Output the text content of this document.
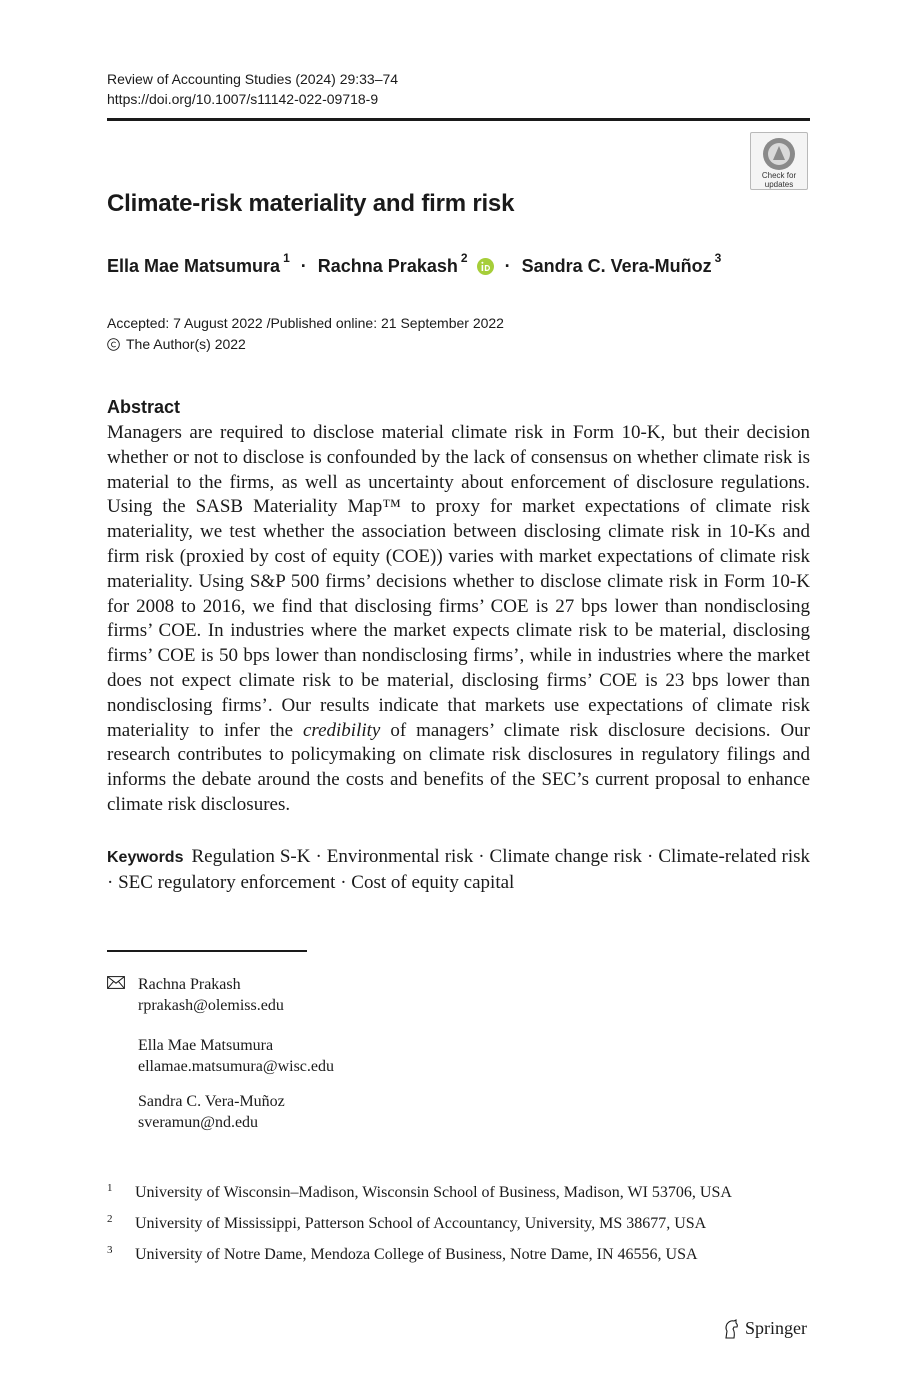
Review of Accounting Studies (2024) 29:33–74
https://doi.org/10.1007/s11142-022-09718-9
Check for
updates
Climate-risk materiality and firm risk
Ella Mae Matsumura $^1$ · Rachna Prakash $^2$ · Sandra C. Vera-Muñoz $^3$
Accepted: 7 August 2022 /Published online: 21 September 2022
The Author(s) 2022
Abstract

Managers are required to disclose material climate risk in Form 10-K, but their decision whether or not to disclose is confounded by the lack of consensus on whether climate risk is material to the firms, as well as uncertainty about enforcement of disclosure regulations. Using the SASB Materiality Map™ to proxy for market expectations of climate risk materiality, we test whether the association between disclosing climate risk in 10-Ks and firm risk (proxied by cost of equity (COE)) varies with market expectations of climate risk materiality. Using S&P 500 firms’ decisions whether to disclose climate risk in Form 10-K for 2008 to 2016, we find that disclosing firms’ COE is 27 bps lower than nondisclosing firms’ COE. In industries where the market expects climate risk to be material, disclosing firms’ COE is 50 bps lower than nondisclosing firms’, while in industries where the market does not expect climate risk to be material, disclosing firms’ COE is 23 bps lower than nondisclosing firms’. Our results indicate that markets use expectations of climate risk materiality to infer the credibility of managers’ climate risk disclosure decisions. Our research contributes to policymaking on climate risk disclosures in regulatory filings and informs the debate around the costs and benefits of the SEC’s current proposal to enhance climate risk disclosures.

Keywords Regulation S-K · Environmental risk · Climate change risk · Climate-related risk · SEC regulatory enforcement · Cost of equity capital
Rachna Prakash
rprakash@olemiss.edu
Ella Mae Matsumura
ellamae.matsumura@wisc.edu
Sandra C. Vera-Muñoz
sveramun@nd.edu
1 University of Wisconsin–Madison, Wisconsin School of Business, Madison, WI 53706, USA
2 University of Mississippi, Patterson School of Accountancy, University, MS 38677, USA
3 University of Notre Dame, Mendoza College of Business, Notre Dame, IN 46556, USA
Springer
